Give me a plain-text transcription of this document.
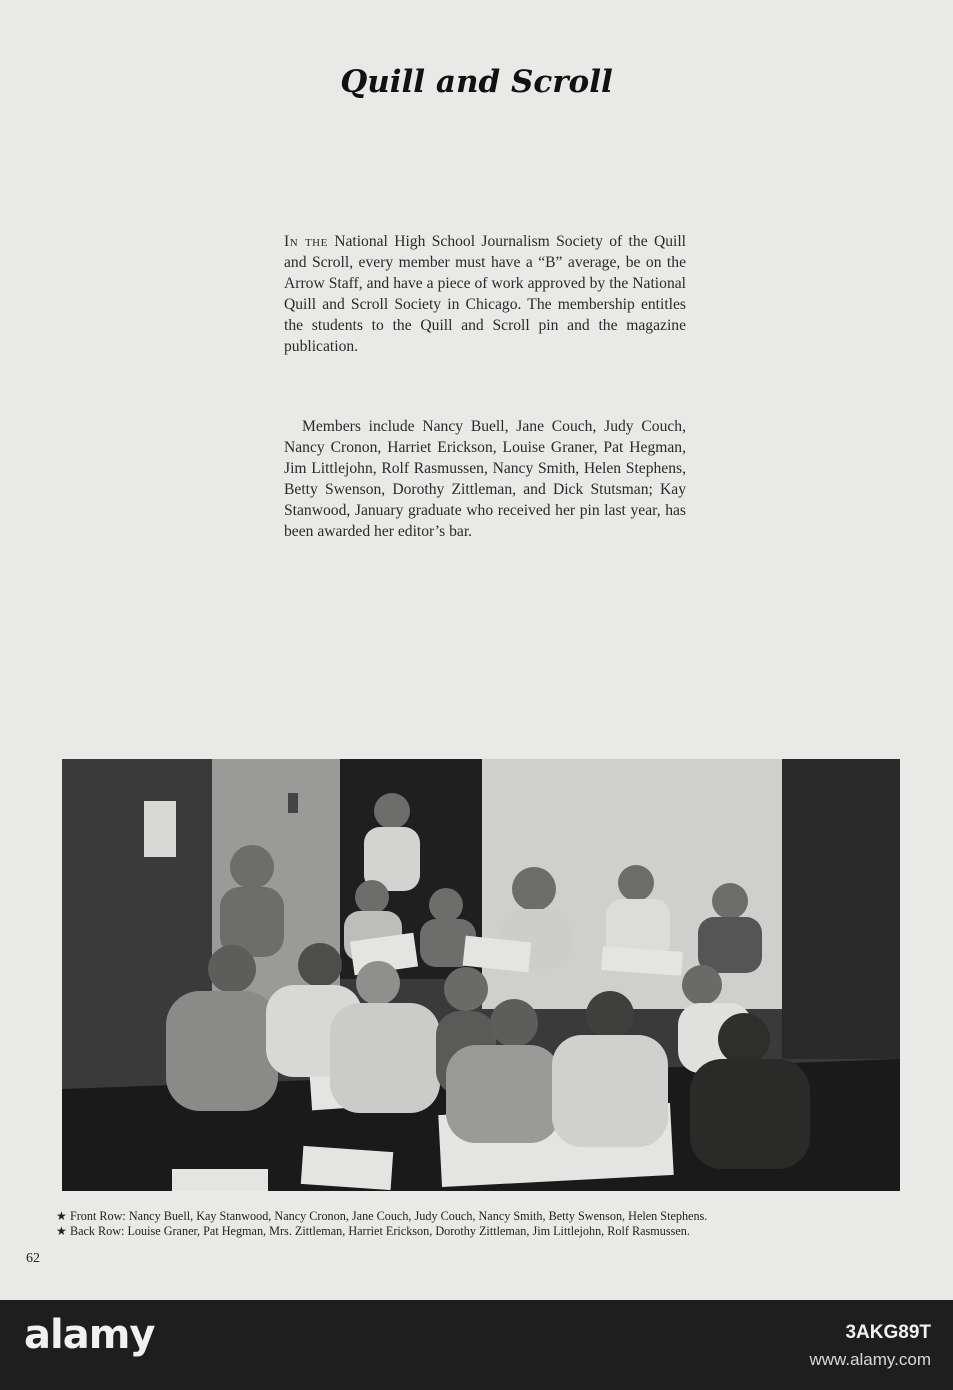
Quill and Scroll

In the National High School Journalism Society of the Quill and Scroll, every member must have a “B” average, be on the Arrow Staff, and have a piece of work approved by the National Quill and Scroll Society in Chicago. The membership entitles the students to the Quill and Scroll pin and the magazine publication.

Members include Nancy Buell, Jane Couch, Judy Couch, Nancy Cronon, Harriet Erickson, Louise Graner, Pat Hegman, Jim Littlejohn, Rolf Rasmussen, Nancy Smith, Helen Stephens, Betty Swenson, Dorothy Zittleman, and Dick Stutsman; Kay Stanwood, January graduate who received her pin last year, has been awarded her editor’s bar.

★ Front Row: Nancy Buell, Kay Stanwood, Nancy Cronon, Jane Couch, Judy Couch, Nancy Smith, Betty Swenson, Helen Stephens.
★ Back Row: Louise Graner, Pat Hegman, Mrs. Zittleman, Harriet Erickson, Dorothy Zittleman, Jim Littlejohn, Rolf Rasmussen.

62
alamy	3AKG89T
www.alamy.com
